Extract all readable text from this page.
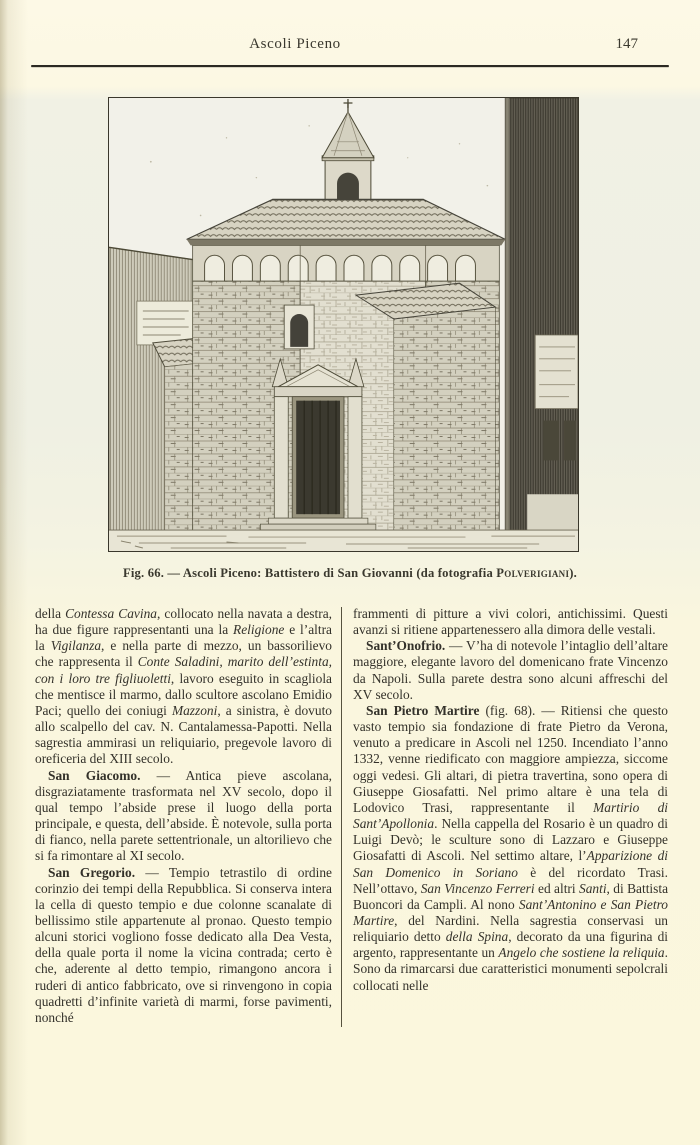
Ascoli Piceno	147
Fig. 66. — Ascoli Piceno: Battistero di San Giovanni (da fotografia Polverigiani).

della Contessa Cavina, collocato nella navata a destra, ha due figure rappresentanti una la Religione e l’altra la Vigilanza, e nella parte di mezzo, un bassorilievo che rappresenta il Conte Saladini, marito dell’estinta, con i loro tre figliuoletti, lavoro eseguito in scagliola che mentisce il marmo, dallo scultore ascolano Emidio Paci; quello dei coniugi Mazzoni, a sinistra, è dovuto allo scalpello del cav. N. Cantalamessa-Papotti. Nella sagrestia ammirasi un reliquiario, pregevole lavoro di oreficeria del XIII secolo.

San Giacomo. — Antica pieve ascolana, disgraziatamente trasformata nel XV secolo, dopo il qual tempo l’abside prese il luogo della porta principale, e questa, dell’abside. È notevole, sulla porta di fianco, nella parete settentrionale, un altorilievo che si fa rimontare al XI secolo.

San Gregorio. — Tempio tetrastilo di ordine corinzio dei tempi della Repubblica. Si conserva intera la cella di questo tempio e due colonne scanalate di bellissimo stile appartenute al pronao. Questo tempio alcuni storici vogliono fosse dedicato alla Dea Vesta, della quale porta il nome la vicina contrada; certo è che, aderente al detto tempio, rimangono ancora i ruderi di antico fabbricato, ove si rinvengono in copia quadretti d’infinite varietà di marmi, forse pavimenti, nonché

frammenti di pitture a vivi colori, antichissimi. Questi avanzi si ritiene appartenessero alla dimora delle vestali.

Sant’Onofrio. — V’ha di notevole l’intaglio dell’altare maggiore, elegante lavoro del domenicano frate Vincenzo da Napoli. Sulla parete destra sono alcuni affreschi del XV secolo.

San Pietro Martire (fig. 68). — Ritiensi che questo vasto tempio sia fondazione di frate Pietro da Verona, venuto a predicare in Ascoli nel 1250. Incendiato l’anno 1332, venne riedificato con maggiore ampiezza, siccome oggi vedesi. Gli altari, di pietra travertina, sono opera di Giuseppe Giosafatti. Nel primo altare è una tela di Lodovico Trasi, rappresentante il Martirio di Sant’Apollonia. Nella cappella del Rosario è un quadro di Luigi Devò; le sculture sono di Lazzaro e Giuseppe Giosafatti di Ascoli. Nel settimo altare, l’Apparizione di San Domenico in Soriano è del ricordato Trasi. Nell’ottavo, San Vincenzo Ferreri ed altri Santi, di Battista Buoncori da Campli. Al nono Sant’Antonino e San Pietro Martire, del Nardini. Nella sagrestia conservasi un reliquiario detto della Spina, decorato da una figurina di argento, rappresentante un Angelo che sostiene la reliquia. Sono da rimarcarsi due caratteristici monumenti sepolcrali collocati nelle
